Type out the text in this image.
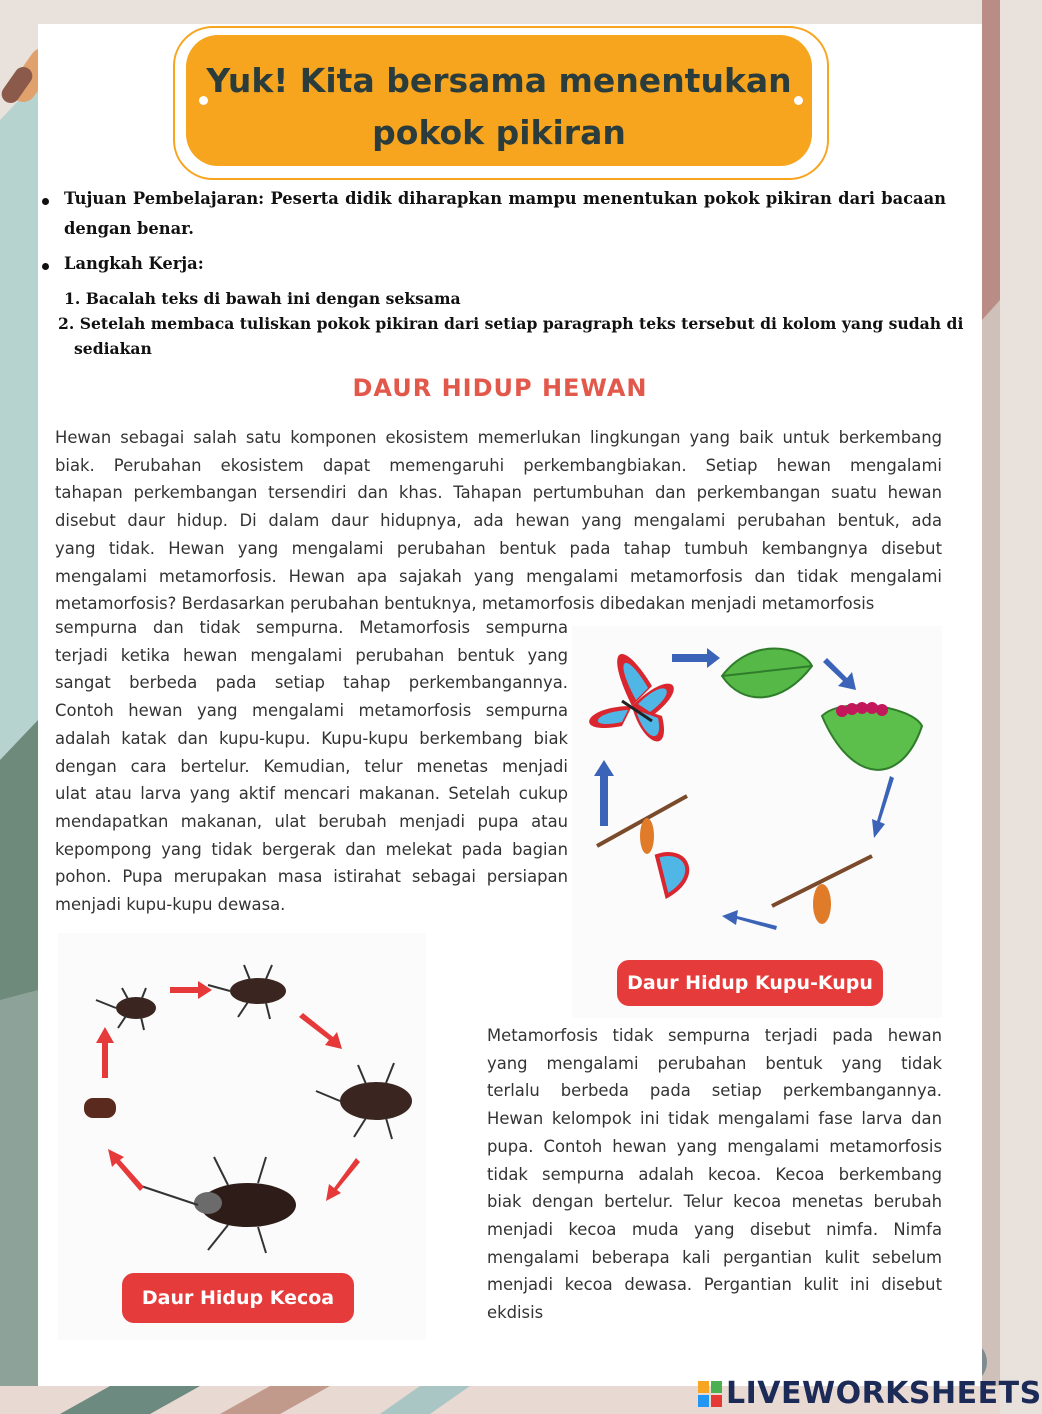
Yuk! Kita bersama menentukan
pokok pikiran
Tujuan Pembelajaran: Peserta didik diharapkan mampu menentukan pokok pikiran dari bacaan
dengan benar.
Langkah Kerja:
1. Bacalah teks di bawah ini dengan seksama
2. Setelah membaca tuliskan pokok pikiran dari setiap paragraph teks tersebut di kolom yang sudah di
sediakan
DAUR HIDUP HEWAN
Hewan sebagai salah satu komponen ekosistem memerlukan lingkungan yang baik untuk berkembang
biak. Perubahan ekosistem dapat memengaruhi perkembangbiakan. Setiap hewan mengalami
tahapan perkembangan tersendiri dan khas. Tahapan pertumbuhan dan perkembangan suatu hewan
disebut daur hidup. Di dalam daur hidupnya, ada hewan yang mengalami perubahan bentuk, ada
yang tidak. Hewan yang mengalami perubahan bentuk pada tahap tumbuh kembangnya disebut
mengalami metamorfosis. Hewan apa sajakah yang mengalami metamorfosis dan tidak mengalami
metamorfosis? Berdasarkan perubahan bentuknya, metamorfosis dibedakan menjadi metamorfosis
sempurna dan tidak sempurna. Metamorfosis sempurna
terjadi ketika hewan mengalami perubahan bentuk yang
sangat berbeda pada setiap tahap perkembangannya.
Contoh hewan yang mengalami metamorfosis sempurna
adalah katak dan kupu-kupu. Kupu-kupu berkembang biak
dengan cara bertelur. Kemudian, telur menetas menjadi
ulat atau larva yang aktif mencari makanan. Setelah cukup
mendapatkan makanan, ulat berubah menjadi pupa atau
kepompong yang tidak bergerak dan melekat pada bagian
pohon. Pupa merupakan masa istirahat sebagai persiapan
menjadi kupu-kupu dewasa.
Daur Hidup Kupu-Kupu
Daur Hidup Kecoa
Metamorfosis tidak sempurna terjadi pada hewan
yang mengalami perubahan bentuk yang tidak
terlalu berbeda pada setiap perkembangannya.
Hewan kelompok ini tidak mengalami fase larva dan
pupa. Contoh hewan yang mengalami metamorfosis
tidak sempurna adalah kecoa. Kecoa berkembang
biak dengan bertelur. Telur kecoa menetas berubah
menjadi kecoa muda yang disebut nimfa. Nimfa
mengalami beberapa kali pergantian kulit sebelum
menjadi kecoa dewasa. Pergantian kulit ini disebut
ekdisis
LIVEWORKSHEETS
